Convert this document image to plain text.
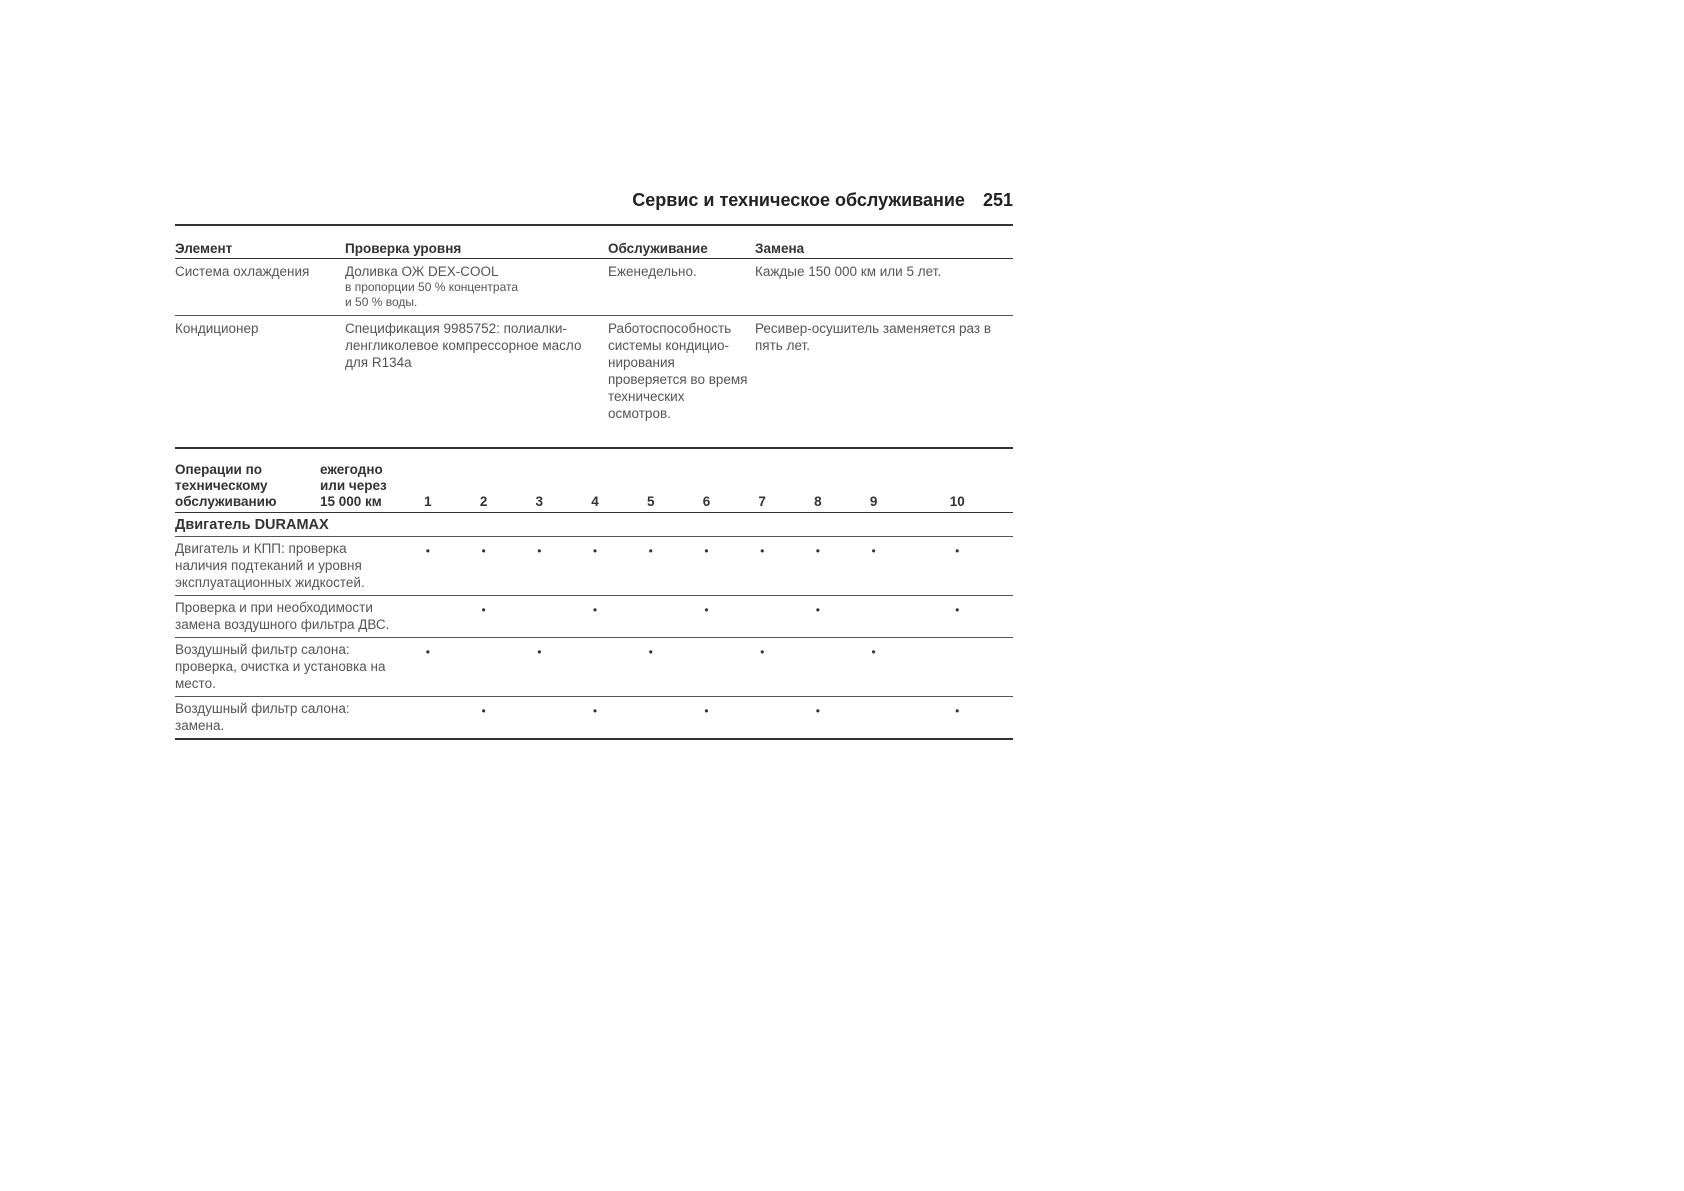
Сервис и техническое обслуживание 251
Элемент	Проверка уровня	Обслуживание	Замена
Система охлаждения	Доливка ОЖ DEX-COOL
в пропорции 50 % концентрата
и 50 % воды.	Еженедельно.	Каждые 150 000 км или 5 лет.
Кондиционер	Спецификация 9985752: полиалки-ленгликолевое компрессорное масло для R134a	Работоспособность системы кондицио-нирования проверяется во время технических осмотров.	Ресивер-осушитель заменяется раз в пять лет.
Операции по техническому обслуживанию	ежегодно или через 15 000 км	1	2	3	4	5	6	7	8	9	10
Двигатель DURAMAX											
Двигатель и КПП: проверка наличия подтеканий и уровня эксплуатационных жидкостей.		•	•	•	•	•	•	•	•	•	•
Проверка и при необходимости замена воздушного фильтра ДВС.			•		•		•		•		•
Воздушный фильтр салона: проверка, очистка и установка на место.		•		•		•		•		•	
Воздушный фильтр салона: замена.			•		•		•		•		•
